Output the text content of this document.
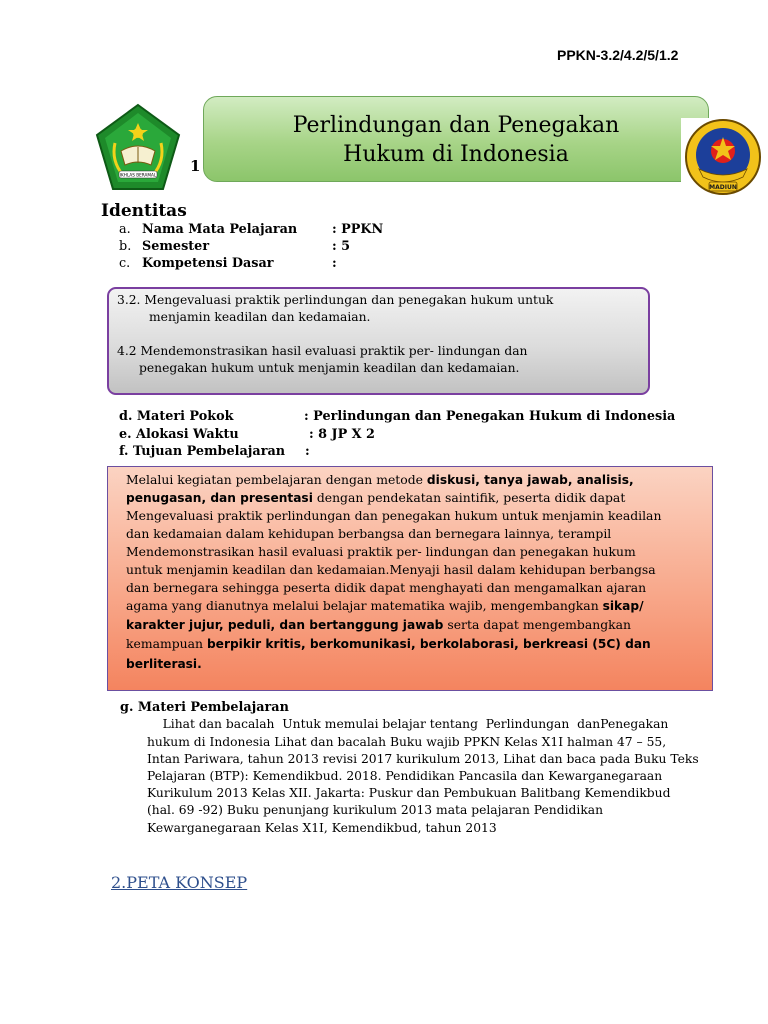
PPKN-3.2/4.2/5/1.2
IKHLAS BERAMAL 1
Perlindungan dan Penegakan
Hukum di Indonesia
MADIUN
Identitas
a. Nama Mata Pelajaran	: PPKN
b. Semester	: 5
c. Kompetensi Dasar	:
3.2. Mengevaluasi praktik perlindungan dan penegakan hukum untuk
menjamin keadilan dan kedamaian.
4.2 Mendemonstrasikan hasil evaluasi praktik per- lindungan dan
penegakan hukum untuk menjamin keadilan dan kedamaian.
d. Materi Pokok	: Perlindungan dan Penegakan Hukum di Indonesia
e. Alokasi Waktu	: 8 JP X 2
f. Tujuan Pembelajaran :
Melalui kegiatan pembelajaran dengan metode diskusi, tanya jawab, analisis,
penugasan, dan presentasi dengan pendekatan saintifik, peserta didik dapat
Mengevaluasi praktik perlindungan dan penegakan hukum untuk menjamin keadilan
dan kedamaian dalam kehidupan berbangsa dan bernegara lainnya, terampil
Mendemonstrasikan hasil evaluasi praktik per- lindungan dan penegakan hukum
untuk menjamin keadilan dan kedamaian.Menyaji hasil dalam kehidupan berbangsa
dan bernegara sehingga peserta didik dapat menghayati dan mengamalkan ajaran
agama yang dianutnya melalui belajar matematika wajib, mengembangkan sikap/
karakter jujur, peduli, dan bertanggung jawab serta dapat mengembangkan
kemampuan berpikir kritis, berkomunikasi, berkolaborasi, berkreasi (5C) dan
berliterasi.
g. Materi Pembelajaran
Lihat dan bacalah  Untuk memulai belajar tentang  Perlindungan  danPenegakan
hukum di Indonesia Lihat dan bacalah Buku wajib PPKN Kelas X1I halman 47 – 55,
Intan Pariwara, tahun 2013 revisi 2017 kurikulum 2013, Lihat dan baca pada Buku Teks
Pelajaran (BTP): Kemendikbud. 2018. Pendidikan Pancasila dan Kewarganegaraan
Kurikulum 2013 Kelas XII. Jakarta: Puskur dan Pembukuan Balitbang Kemendikbud
(hal. 69 -92) Buku penunjang kurikulum 2013 mata pelajaran Pendidikan
Kewarganegaraan Kelas X1I, Kemendikbud, tahun 2013
2.PETA KONSEP
